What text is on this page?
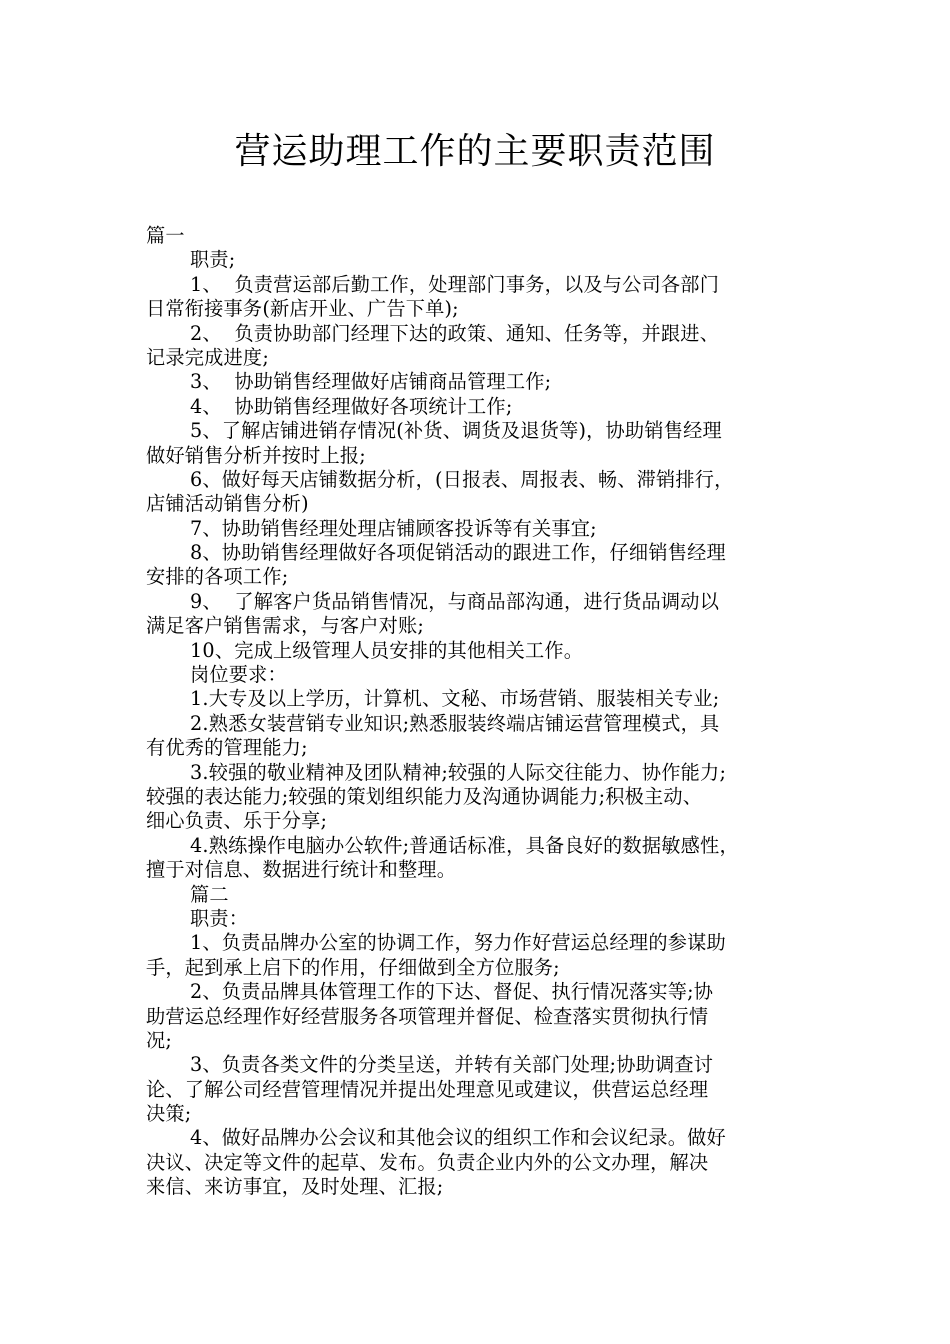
营运助理工作的主要职责范围

篇一

职责;

1、  负责营运部后勤工作，处理部门事务，以及与公司各部门

日常衔接事务(新店开业、广告下单);

2、  负责协助部门经理下达的政策、通知、任务等，并跟进、

记录完成进度;

3、  协助销售经理做好店铺商品管理工作;

4、  协助销售经理做好各项统计工作;

5、了解店铺进销存情况(补货、调货及退货等)，协助销售经理

做好销售分析并按时上报;

6、做好每天店铺数据分析，(日报表、周报表、畅、滞销排行，

店铺活动销售分析)

7、协助销售经理处理店铺顾客投诉等有关事宜;

8、协助销售经理做好各项促销活动的跟进工作，仔细销售经理

安排的各项工作;

9、  了解客户货品销售情况，与商品部沟通，进行货品调动以

满足客户销售需求，与客户对账;

10、完成上级管理人员安排的其他相关工作。

岗位要求：

1.大专及以上学历，计算机、文秘、市场营销、服装相关专业;

2.熟悉女装营销专业知识;熟悉服装终端店铺运营管理模式，具

有优秀的管理能力;

3.较强的敬业精神及团队精神;较强的人际交往能力、协作能力;

较强的表达能力;较强的策划组织能力及沟通协调能力;积极主动、

细心负责、乐于分享;

4.熟练操作电脑办公软件;普通话标准，具备良好的数据敏感性，

擅于对信息、数据进行统计和整理。

篇二

职责：

1、负责品牌办公室的协调工作，努力作好营运总经理的参谋助

手，起到承上启下的作用，仔细做到全方位服务;

2、负责品牌具体管理工作的下达、督促、执行情况落实等;协

助营运总经理作好经营服务各项管理并督促、检查落实贯彻执行情

况;

3、负责各类文件的分类呈送，并转有关部门处理;协助调查讨

论、了解公司经营管理情况并提出处理意见或建议，供营运总经理

决策;

4、做好品牌办公会议和其他会议的组织工作和会议纪录。做好

决议、决定等文件的起草、发布。负责企业内外的公文办理，解决

来信、来访事宜，及时处理、汇报;
